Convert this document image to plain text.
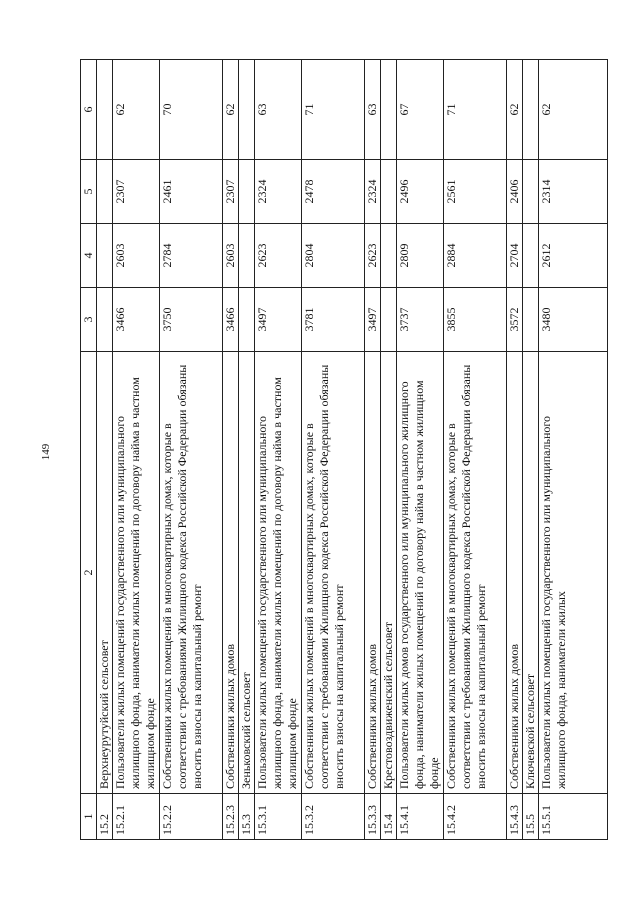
149
1	2	3	4	5	6
15.2	Верхнеурутуйский сельсовет				
15.2.1	Пользователи жилых помещений государственного или муниципального жилищного фонда, наниматели жилых помещений по договору найма в частном жилищном фонде	3466	2603	2307	62
15.2.2	Собственники жилых помещений в многоквартирных домах, которые в соответствии с требованиями Жилищного кодекса Российской Федерации обязаны вносить взносы на капитальный ремонт	3750	2784	2461	70
15.2.3	Собственники жилых домов	3466	2603	2307	62
15.3	Зеньковский сельсовет				
15.3.1	Пользователи жилых помещений государственного или муниципального жилищного фонда, наниматели жилых помещений по договору найма в частном жилищном фонде	3497	2623	2324	63
15.3.2	Собственники жилых помещений в многоквартирных домах, которые в соответствии с требованиями Жилищного кодекса Российской Федерации обязаны вносить взносы на капитальный ремонт	3781	2804	2478	71
15.3.3	Собственники жилых домов	3497	2623	2324	63
15.4	Крестовоздвиженский сельсовет				
15.4.1	Пользователи жилых домов государственного или муниципального жилищного фонда, наниматели жилых помещений по договору найма в частном жилищном фонде	3737	2809	2496	67
15.4.2	Собственники жилых помещений в многоквартирных домах, которые в соответствии с требованиями Жилищного кодекса Российской Федерации обязаны вносить взносы на капитальный ремонт	3855	2884	2561	71
15.4.3	Собственники жилых домов	3572	2704	2406	62
15.5	Ключевской сельсовет				
15.5.1	Пользователи жилых помещений государственного или муниципального жилищного фонда, наниматели жилых	3480	2612	2314	62
